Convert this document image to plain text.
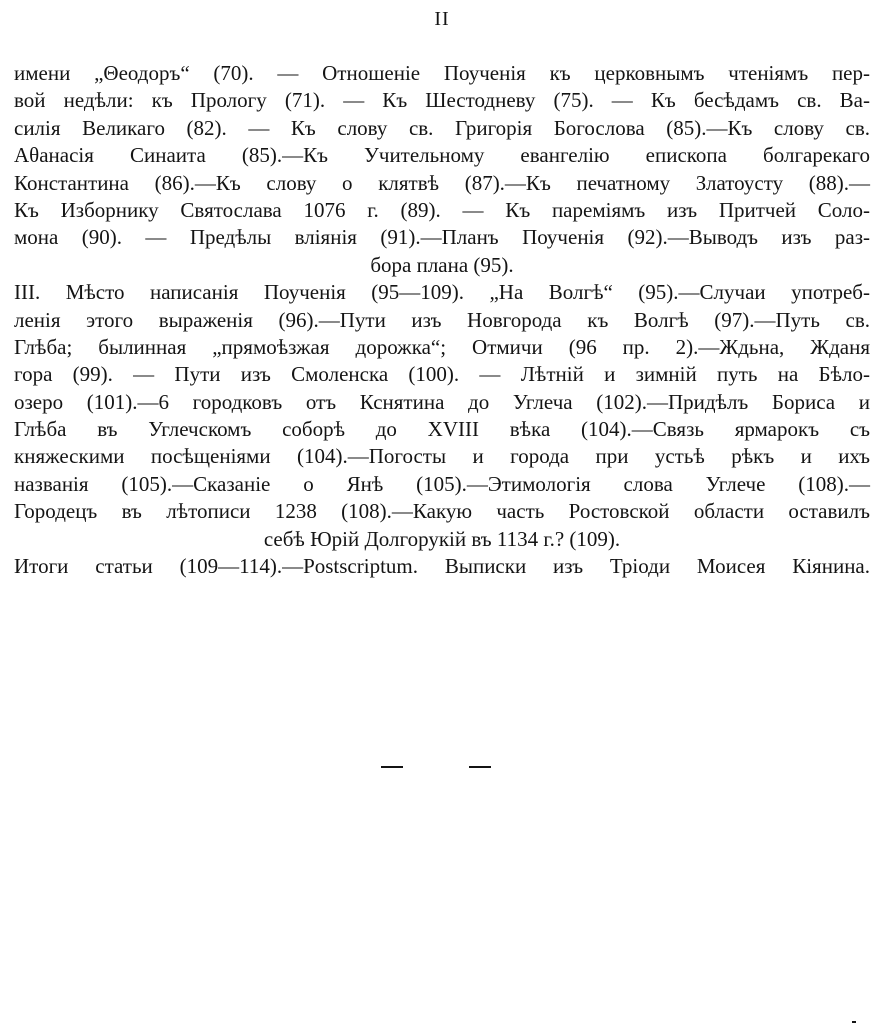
II
имени „Θеодоръ“ (70). — Отношеніе Поученія къ церковнымъ чтеніямъ пер-
вой недѣли: къ Прологу (71). — Къ Шестодневу (75). — Къ бесѣдамъ св. Ва-
силія Великаго (82). — Къ слову св. Григорія Богослова (85).—Къ слову св.
Аθанасія Синаита (85).—Къ Учительному евангелію епископа болгарекаго
Константина (86).—Къ слову о клятвѣ (87).—Къ печатному Златоусту (88).—
Къ Изборнику Святослава 1076 г. (89). — Къ пареміямъ изъ Притчей Соло-
мона (90). — Предѣлы вліянія (91).—Планъ Поученія (92).—Выводъ изъ раз-
бора плана (95).
III. Мѣсто написанія Поученія (95—109). „На Волгѣ“ (95).—Случаи употреб-
ленія этого выраженія (96).—Пути изъ Новгорода къ Волгѣ (97).—Путь св.
Глѣба; былинная „прямоѣзжая дорожка“; Отмичи (96 пр. 2).—Ждьна, Жданя
гора (99). — Пути изъ Смоленска (100). — Лѣтній и зимній путь на Бѣло-
озеро (101).—6 городковъ отъ Кснятина до Углеча (102).—Придѣлъ Бориса и
Глѣба въ Углечскомъ соборѣ до XVIII вѣка (104).—Связь ярмарокъ съ
княжескими посѣщеніями (104).—Погосты и города при устьѣ рѣкъ и ихъ
названія (105).—Сказаніе о Янѣ (105).—Этимологія слова Углече (108).—
Городецъ въ лѣтописи 1238 (108).—Какую часть Ростовской области оставилъ
себѣ Юрій Долгорукій въ 1134 г.? (109).
Итоги статьи (109—114).—Postscriptum. Выписки изъ Тріоди Моисея Кіянина.
